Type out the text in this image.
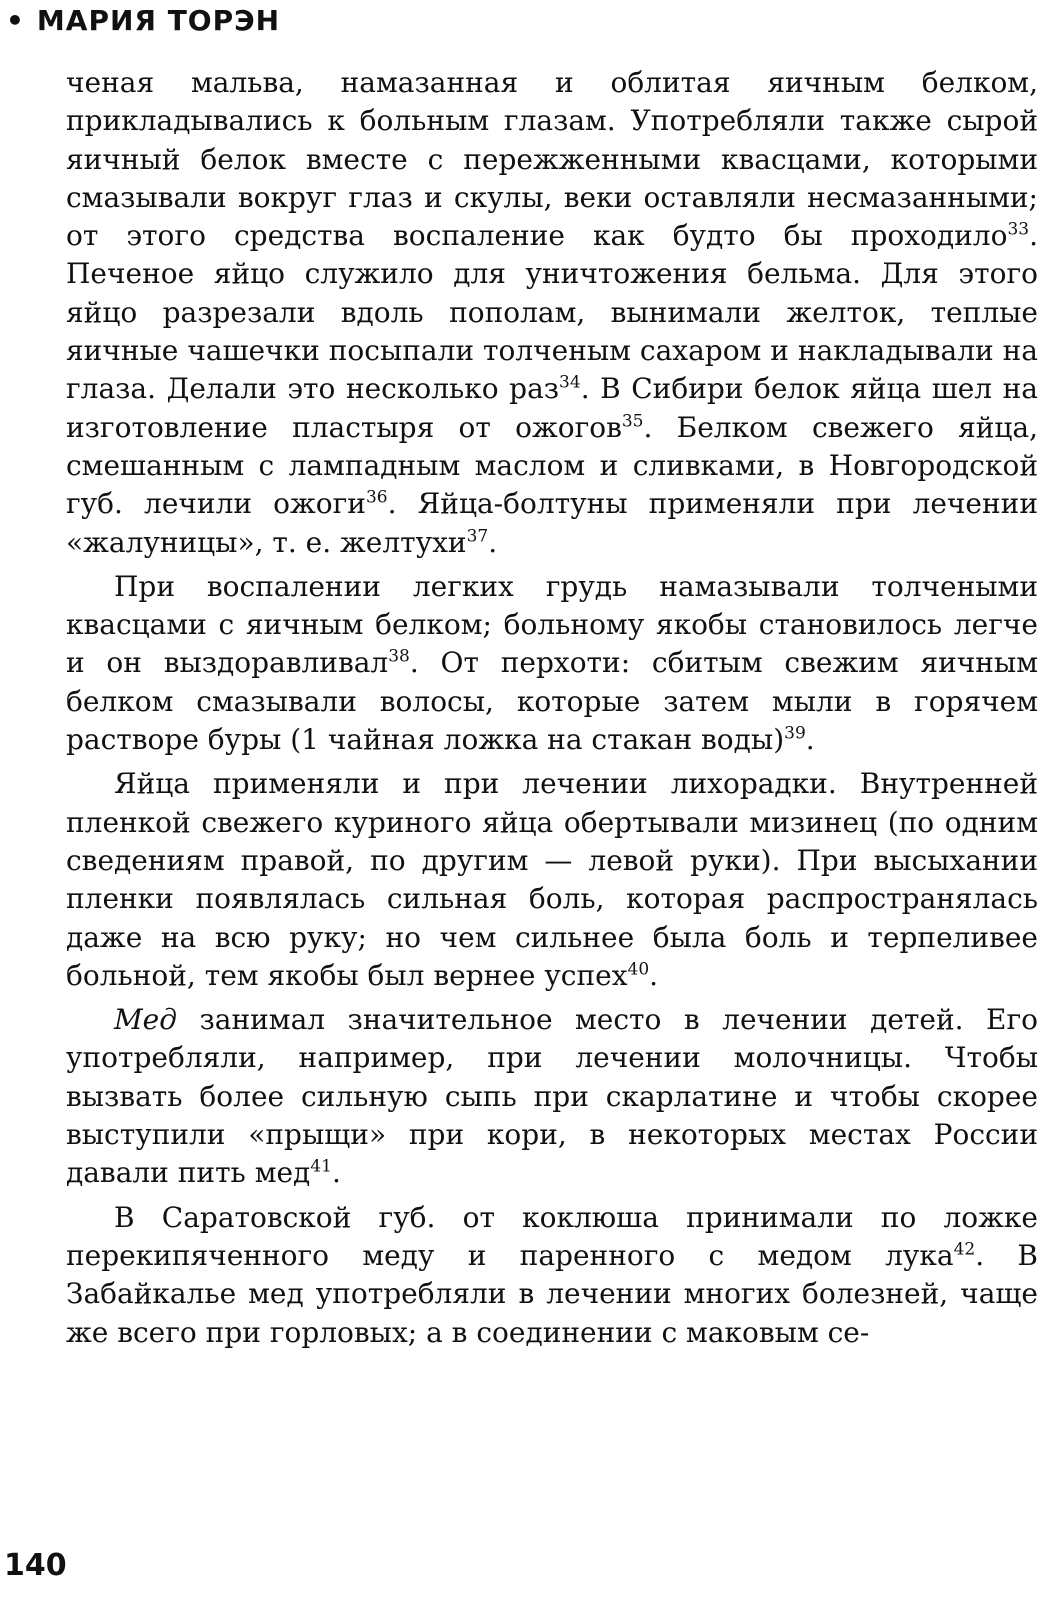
• МАРИЯ ТОРЭН

ченая мальва, намазанная и облитая яичным белком, прикладывались к больным глазам. Употребляли также сырой яичный белок вместе с пережженными квасцами, которыми смазывали вокруг глаз и скулы, веки оставляли несмазанными; от этого средства воспаление как будто бы проходило$^{33}$. Печеное яйцо служило для уничтожения бельма. Для этого яйцо разрезали вдоль пополам, вынимали желток, теплые яичные чашечки посыпали толченым сахаром и накладывали на глаза. Делали это несколько раз$^{34}$. В Сибири белок яйца шел на изготовление пластыря от ожогов$^{35}$. Белком свежего яйца, смешанным с лампадным маслом и сливками, в Новгородской губ. лечили ожоги$^{36}$. Яйца-болтуны применяли при лечении «жалуницы», т. е. желтухи$^{37}$.

При воспалении легких грудь намазывали толчеными квасцами с яичным белком; больному якобы становилось легче и он выздоравливал$^{38}$. От перхоти: сбитым свежим яичным белком смазывали волосы, которые затем мыли в горячем растворе буры (1 чайная ложка на стакан воды)$^{39}$.

Яйца применяли и при лечении лихорадки. Внутренней пленкой свежего куриного яйца обертывали мизинец (по одним сведениям правой, по другим — левой руки). При высыхании пленки появлялась сильная боль, которая распространялась даже на всю руку; но чем сильнее была боль и терпеливее больной, тем якобы был вернее успех$^{40}$.

Мед занимал значительное место в лечении детей. Его употребляли, например, при лечении молочницы. Чтобы вызвать более сильную сыпь при скарлатине и чтобы скорее выступили «прыщи» при кори, в некоторых местах России давали пить мед$^{41}$.

В Саратовской губ. от коклюша принимали по ложке перекипяченного меду и паренного с медом лука$^{42}$. В Забайкалье мед употребляли в лечении многих болезней, чаще же всего при горловых; а в соединении с маковым се-

140
